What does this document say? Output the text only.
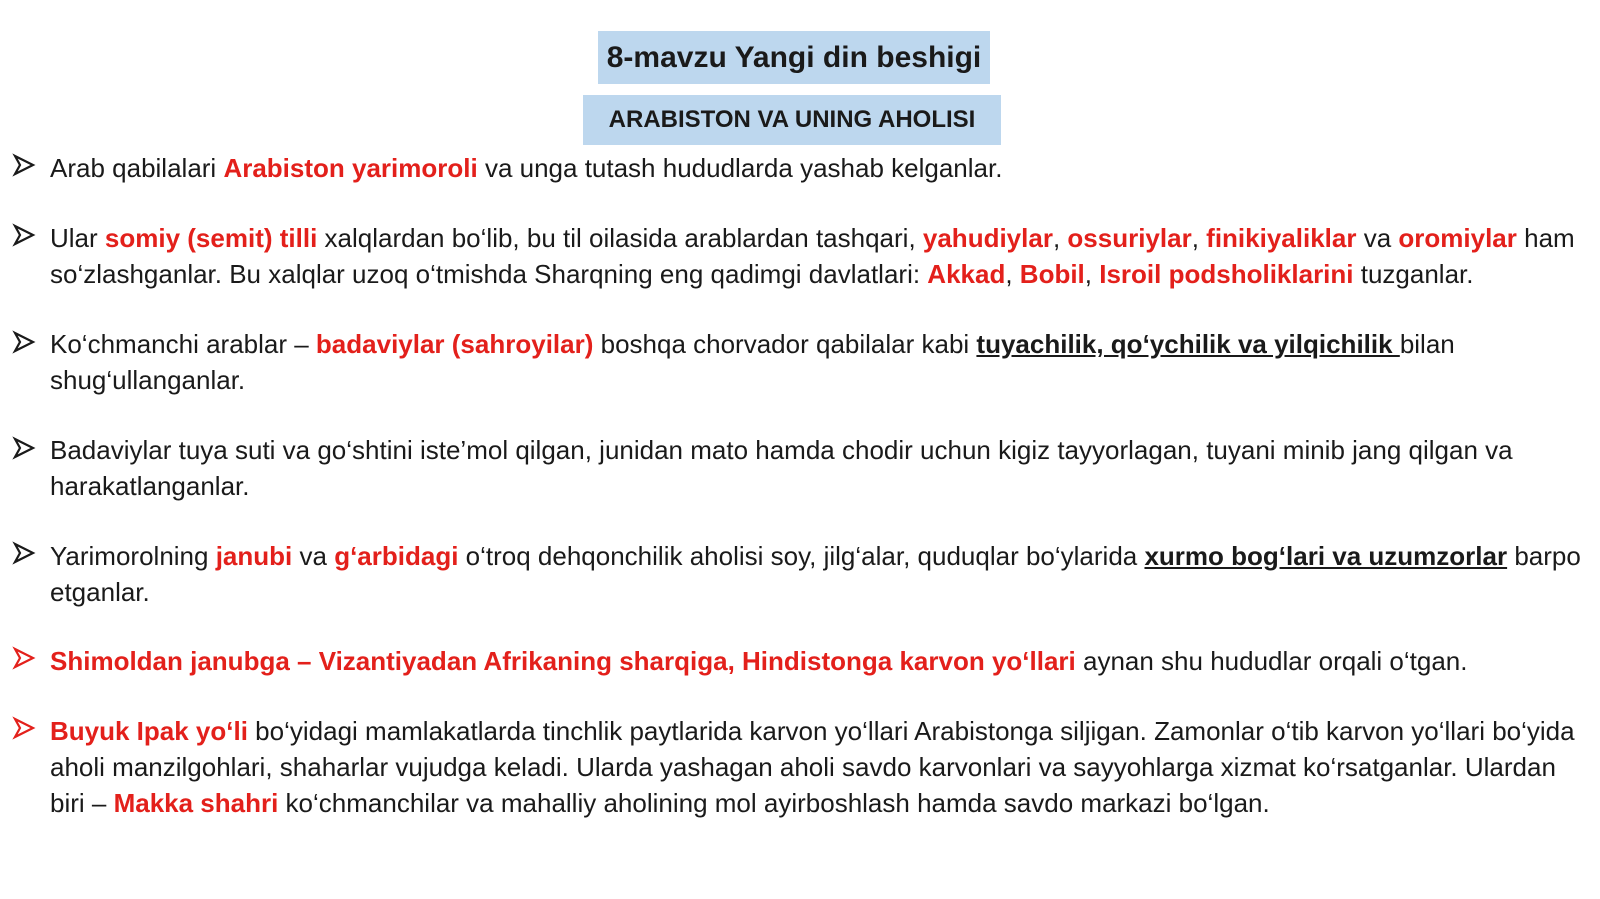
8-mavzu Yangi din beshigi
ARABISTON VA UNING AHOLISI
Arab qabilalari Arabiston yarimoroli va unga tutash hududlarda yashab kelganlar.
Ular somiy (semit) tilli xalqlardan bo‘lib, bu til oilasida arablardan tashqari, yahudiylar, ossuriylar, finikiyaliklar va oromiylar ham so‘zlashganlar. Bu xalqlar uzoq o‘tmishda Sharqning eng qadimgi davlatlari: Akkad, Bobil, Isroil podsholiklarini tuzganlar.
Ko‘chmanchi arablar – badaviylar (sahroyilar) boshqa chorvador qabilalar kabi tuyachilik, qo‘ychilik va yilqichilik bilan shug‘ullanganlar.
Badaviylar tuya suti va go‘shtini iste’mol qilgan, junidan mato hamda chodir uchun kigiz tayyorlagan, tuyani minib jang qilgan va harakatlanganlar.
Yarimorolning janubi va g‘arbidagi o‘troq dehqonchilik aholisi soy, jilg‘alar, quduqlar bo‘ylarida xurmo bog‘lari va uzumzorlar barpo etganlar.
Shimoldan janubga – Vizantiyadan Afrikaning sharqiga, Hindistonga karvon yo‘llari aynan shu hududlar orqali o‘tgan.
Buyuk Ipak yo‘li bo‘yidagi mamlakatlarda tinchlik paytlarida karvon yo‘llari Arabistonga siljigan. Zamonlar o‘tib karvon yo‘llari bo‘yida aholi manzilgohlari, shaharlar vujudga keladi. Ularda yashagan aholi savdo karvonlari va sayyohlarga xizmat ko‘rsatganlar. Ulardan biri – Makka shahri ko‘chmanchilar va mahalliy aholining mol ayirboshlash hamda savdo markazi bo‘lgan.
